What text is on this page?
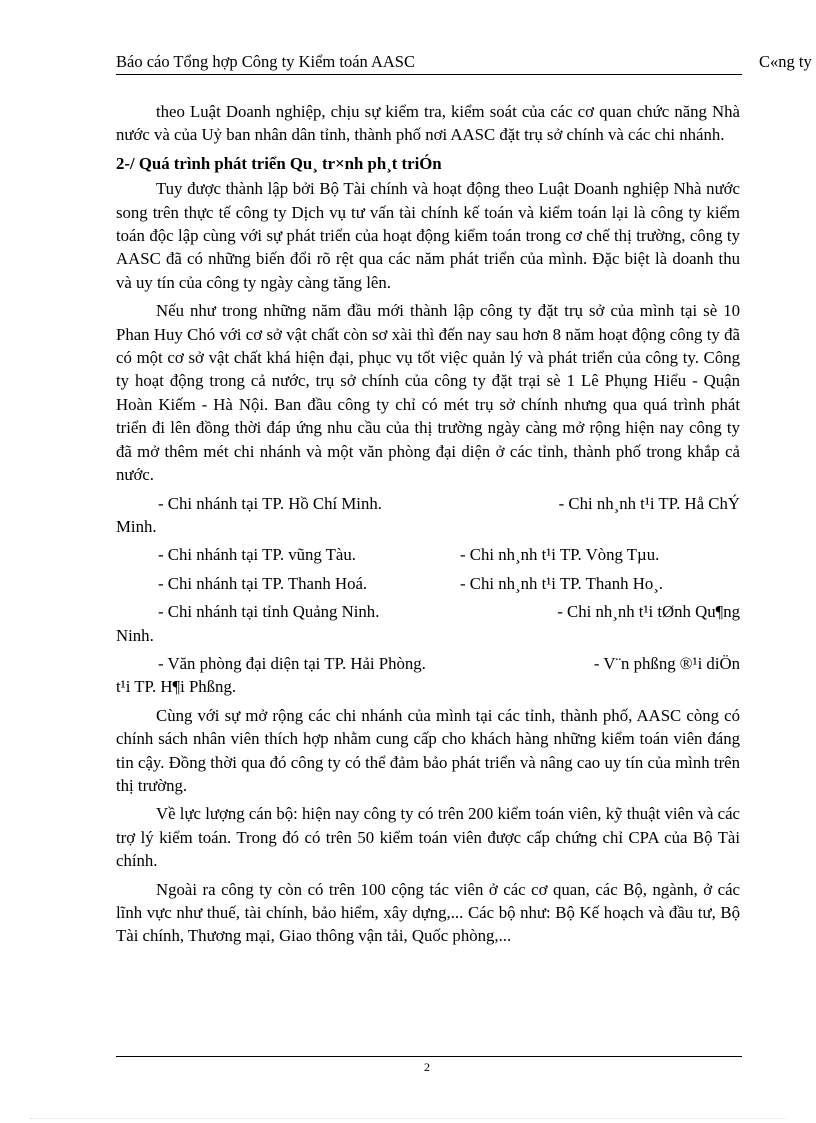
Báo cáo Tổng hợp Công ty Kiểm toán AASC	C«ng ty

theo Luật Doanh nghiệp, chịu sự kiểm tra, kiểm soát của các cơ quan chức năng Nhà nước và của Uỷ ban nhân dân tỉnh, thành phố nơi AASC đặt trụ sở chính và các chi nhánh.

2-/ Quá trình phát triển Qu¸ tr×nh ph¸t triÓn

Tuy được thành lập bởi Bộ Tài chính và hoạt động theo Luật Doanh nghiệp Nhà nước song trên thực tế công ty Dịch vụ tư vấn tài chính kế toán và kiểm toán lại là công ty kiểm toán độc lập cùng với sự phát triển của hoạt động kiểm toán trong cơ chế thị trường, công ty AASC đã có những biến đổi rõ rệt qua các năm phát triển của mình. Đặc biệt là doanh thu và uy tín của công ty ngày càng tăng lên.

Nếu như trong những năm đầu mới thành lập công ty đặt trụ sở của mình tại sè 10 Phan Huy Chó với cơ sở vật chất còn sơ xài thì đến nay sau hơn 8 năm hoạt động công ty đã có một cơ sở vật chất khá hiện đại, phục vụ tốt việc quản lý và phát triển của công ty. Công ty hoạt động trong cả nước, trụ sở chính của công ty đặt trại sè 1 Lê Phụng Hiểu - Quận Hoàn Kiếm - Hà Nội. Ban đầu công ty chỉ có mét trụ sở chính nhưng qua quá trình phát triển đi lên đồng thời đáp ứng nhu cầu của thị trường ngày càng mở rộng hiện nay công ty đã mở thêm mét chi nhánh và một văn phòng đại diện ở các tỉnh, thành phố trong khắp cả nước.

- Chi nhánh tại TP. Hồ Chí Minh.	- Chi nh¸nh t¹i TP. Hå ChÝ
Minh.
- Chi nhánh tại TP. vũng Tàu.	- Chi nh¸nh t¹i TP. Vòng Tµu.
- Chi nhánh tại TP. Thanh Hoá.	- Chi nh¸nh t¹i TP. Thanh Ho¸.
- Chi nhánh tại tỉnh Quảng Ninh.	- Chi nh¸nh t¹i tØnh Qu¶ng
Ninh.
- Văn phòng đại diện tại TP. Hải Phòng.	- V¨n phßng ®¹i diÖn
t¹i TP. H¶i Phßng.

Cùng với sự mở rộng các chi nhánh của mình tại các tỉnh, thành phố, AASC còng có chính sách nhân viên thích hợp nhằm cung cấp cho khách hàng những kiểm toán viên đáng tin cậy. Đồng thời qua đó công ty có thể đảm bảo phát triển và nâng cao uy tín của mình trên thị trường.

Về lực lượng cán bộ: hiện nay công ty có trên 200 kiểm toán viên, kỹ thuật viên và các trợ lý kiểm toán. Trong đó có trên 50 kiểm toán viên được cấp chứng chỉ CPA của Bộ Tài chính.

Ngoài ra công ty còn có trên 100 cộng tác viên ở các cơ quan, các Bộ, ngành, ở các lĩnh vực như thuế, tài chính, bảo hiểm, xây dựng,... Các bộ như: Bộ Kế hoạch và đầu tư, Bộ Tài chính, Thương mại, Giao thông vận tải, Quốc phòng,...

2
